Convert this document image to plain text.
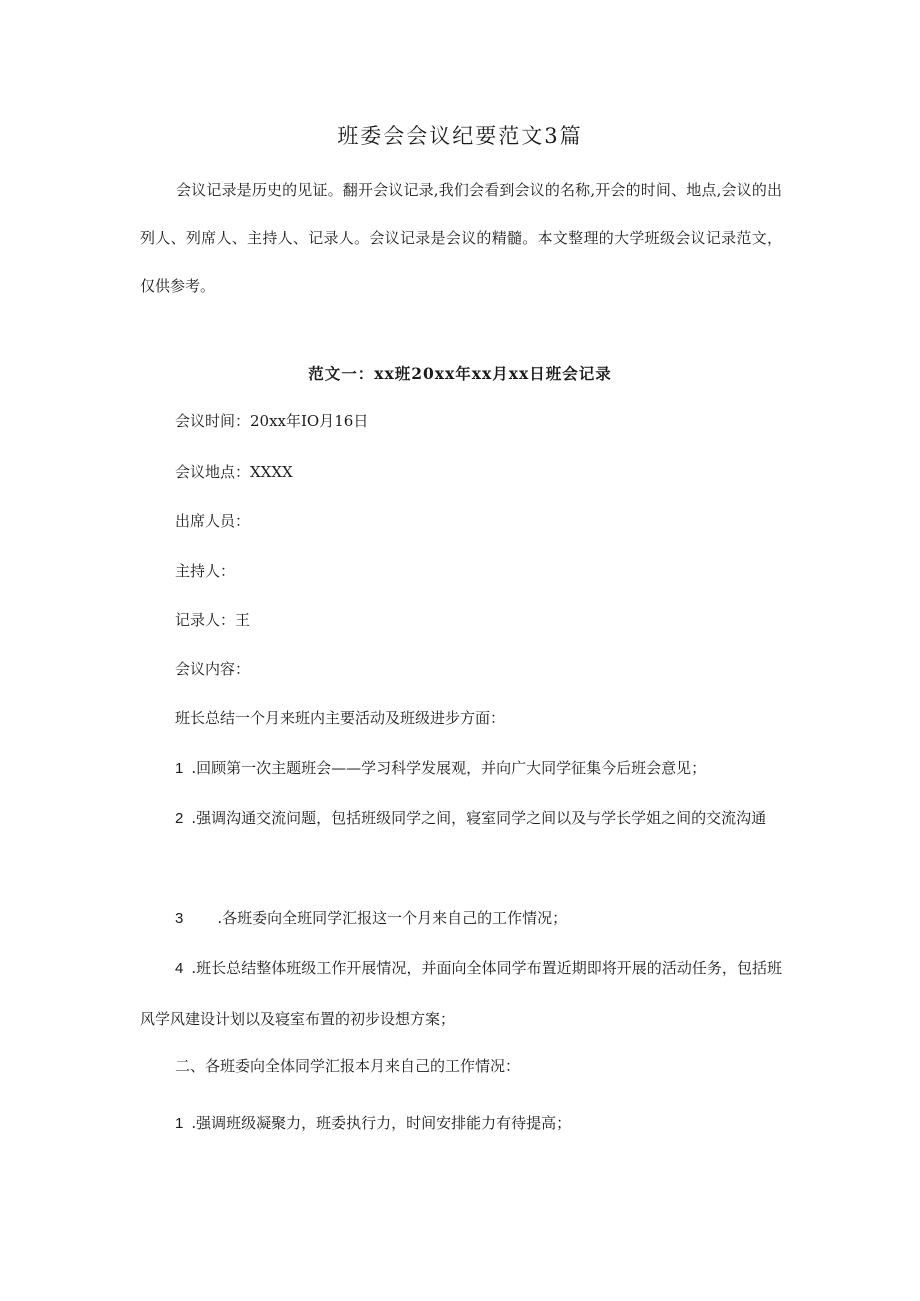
班委会会议纪要范文3篇

会议记录是历史的见证。翻开会议记录,我们会看到会议的名称,开会的时间、地点,会议的出列人、列席人、主持人、记录人。会议记录是会议的精髓。本文整理的大学班级会议记录范文，仅供参考。

范文一：xx班20xx年xx月xx日班会记录

会议时间：20xx年IO月16日

会议地点：XXXX

出席人员：

主持人：

记录人：王

会议内容：

班长总结一个月来班内主要活动及班级进步方面：

1 .回顾第一次主题班会——学习科学发展观，并向广大同学征集今后班会意见；

2 .强调沟通交流问题，包括班级同学之间，寝室同学之间以及与学长学姐之间的交流沟通

3 .各班委向全班同学汇报这一个月来自己的工作情况；

4 .班长总结整体班级工作开展情况，并面向全体同学布置近期即将开展的活动任务，包括班风学风建设计划以及寝室布置的初步设想方案；

二、各班委向全体同学汇报本月来自己的工作情况：

1 .强调班级凝聚力，班委执行力，时间安排能力有待提高；
